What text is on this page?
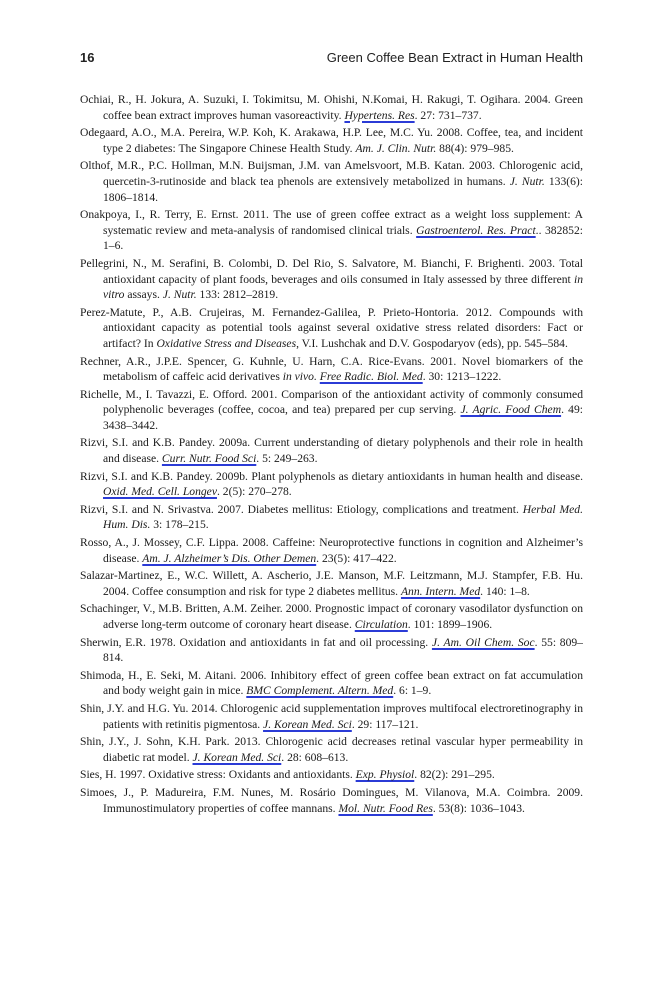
16	Green Coffee Bean Extract in Human Health
Ochiai, R., H. Jokura, A. Suzuki, I. Tokimitsu, M. Ohishi, N.Komai, H. Rakugi, T. Ogihara. 2004. Green coffee bean extract improves human vasoreactivity. Hypertens. Res. 27: 731–737.
Odegaard, A.O., M.A. Pereira, W.P. Koh, K. Arakawa, H.P. Lee, M.C. Yu. 2008. Coffee, tea, and incident type 2 diabetes: The Singapore Chinese Health Study. Am. J. Clin. Nutr. 88(4): 979–985.
Olthof, M.R., P.C. Hollman, M.N. Buijsman, J.M. van Amelsvoort, M.B. Katan. 2003. Chlorogenic acid, quercetin-3-rutinoside and black tea phenols are extensively metabolized in humans. J. Nutr. 133(6): 1806–1814.
Onakpoya, I., R. Terry, E. Ernst. 2011. The use of green coffee extract as a weight loss supplement: A systematic review and meta-analysis of randomised clinical trials. Gastroenterol. Res. Pract.. 382852: 1–6.
Pellegrini, N., M. Serafini, B. Colombi, D. Del Rio, S. Salvatore, M. Bianchi, F. Brighenti. 2003. Total antioxidant capacity of plant foods, beverages and oils consumed in Italy assessed by three different in vitro assays. J. Nutr. 133: 2812–2819.
Perez-Matute, P., A.B. Crujeiras, M. Fernandez-Galilea, P. Prieto-Hontoria. 2012. Compounds with antioxidant capacity as potential tools against several oxidative stress related disorders: Fact or artifact? In Oxidative Stress and Diseases, V.I. Lushchak and D.V. Gospodaryov (eds), pp. 545–584.
Rechner, A.R., J.P.E. Spencer, G. Kuhnle, U. Harn, C.A. Rice-Evans. 2001. Novel biomarkers of the metabolism of caffeic acid derivatives in vivo. Free Radic. Biol. Med. 30: 1213–1222.
Richelle, M., I. Tavazzi, E. Offord. 2001. Comparison of the antioxidant activity of commonly consumed polyphenolic beverages (coffee, cocoa, and tea) prepared per cup serving. J. Agric. Food Chem. 49: 3438–3442.
Rizvi, S.I. and K.B. Pandey. 2009a. Current understanding of dietary polyphenols and their role in health and disease. Curr. Nutr. Food Sci. 5: 249–263.
Rizvi, S.I. and K.B. Pandey. 2009b. Plant polyphenols as dietary antioxidants in human health and disease. Oxid. Med. Cell. Longev. 2(5): 270–278.
Rizvi, S.I. and N. Srivastva. 2007. Diabetes mellitus: Etiology, complications and treatment. Herbal Med. Hum. Dis. 3: 178–215.
Rosso, A., J. Mossey, C.F. Lippa. 2008. Caffeine: Neuroprotective functions in cognition and Alzheimer’s disease. Am. J. Alzheimer’s Dis. Other Demen. 23(5): 417–422.
Salazar-Martinez, E., W.C. Willett, A. Ascherio, J.E. Manson, M.F. Leitzmann, M.J. Stampfer, F.B. Hu. 2004. Coffee consumption and risk for type 2 diabetes mellitus. Ann. Intern. Med. 140: 1–8.
Schachinger, V., M.B. Britten, A.M. Zeiher. 2000. Prognostic impact of coronary vasodilator dysfunction on adverse long-term outcome of coronary heart disease. Circulation. 101: 1899–1906.
Sherwin, E.R. 1978. Oxidation and antioxidants in fat and oil processing. J. Am. Oil Chem. Soc. 55: 809–814.
Shimoda, H., E. Seki, M. Aitani. 2006. Inhibitory effect of green coffee bean extract on fat accumulation and body weight gain in mice. BMC Complement. Altern. Med. 6: 1–9.
Shin, J.Y. and H.G. Yu. 2014. Chlorogenic acid supplementation improves multifocal electroretinography in patients with retinitis pigmentosa. J. Korean Med. Sci. 29: 117–121.
Shin, J.Y., J. Sohn, K.H. Park. 2013. Chlorogenic acid decreases retinal vascular hyper permeability in diabetic rat model. J. Korean Med. Sci. 28: 608–613.
Sies, H. 1997. Oxidative stress: Oxidants and antioxidants. Exp. Physiol. 82(2): 291–295.
Simoes, J., P. Madureira, F.M. Nunes, M. Rosário Domingues, M. Vilanova, M.A. Coimbra. 2009. Immunostimulatory properties of coffee mannans. Mol. Nutr. Food Res. 53(8): 1036–1043.
